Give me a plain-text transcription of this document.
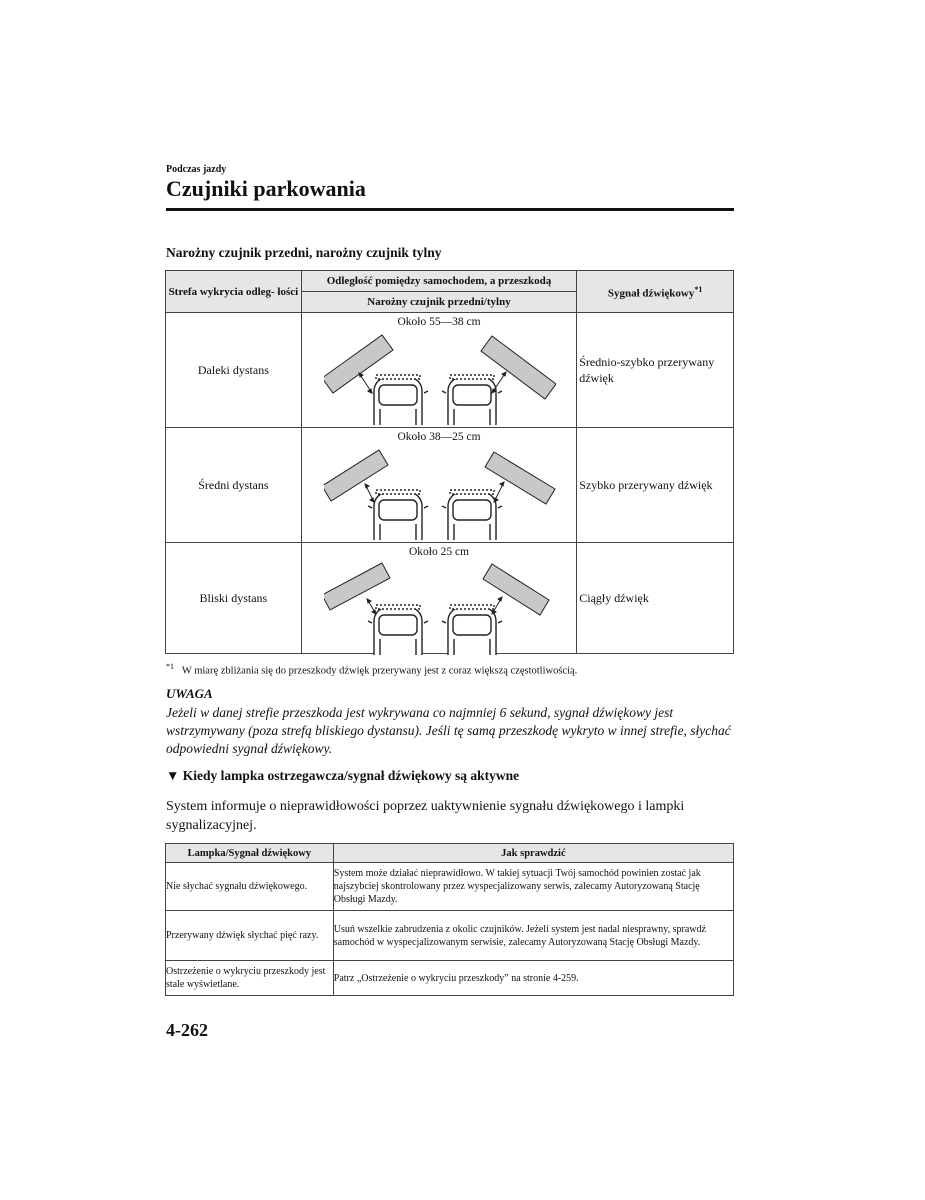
Podczas jazdy
Czujniki parkowania
Narożny czujnik przedni, narożny czujnik tylny
Strefa wykrycia odleg- łości	Odległość pomiędzy samochodem, a przeszkodą	Sygnał dźwiękowy$^{*1}$
	Narożny czujnik przedni/tylny	
Daleki dystans	Około 55—38 cm	Średnio-szybko przerywany dźwięk
Średni dystans	Około 38—25 cm	Szybko przerywany dźwięk
Bliski dystans	Około 25 cm	Ciągły dźwięk
$^{*1}$ W miarę zbliżania się do przeszkody dźwięk przerywany jest z coraz większą częstotliwością.
UWAGA
Jeżeli w danej strefie przeszkoda jest wykrywana co najmniej 6 sekund, sygnał dźwiękowy jest wstrzymywany (poza strefą bliskiego dystansu). Jeśli tę samą przeszkodę wykryto w innej strefie, słychać odpowiedni sygnał dźwiękowy.
▼ Kiedy lampka ostrzegawcza/sygnał dźwiękowy są aktywne
System informuje o nieprawidłowości poprzez uaktywnienie sygnału dźwiękowego i lampki sygnalizacyjnej.
Lampka/Sygnał dźwiękowy	Jak sprawdzić
Nie słychać sygnału dźwiękowego.	System może działać nieprawidłowo. W takiej sytuacji Twój samochód powinien zostać jak najszybciej skontrolowany przez wyspecjalizowany serwis, zalecamy Autoryzowaną Stację Obsługi Mazdy.
Przerywany dźwięk słychać pięć razy.	Usuń wszelkie zabrudzenia z okolic czujników. Jeżeli system jest nadal niesprawny, sprawdź samochód w wyspecjalizowanym serwisie, zalecamy Autoryzowaną Stację Obsługi Mazdy.
Ostrzeżenie o wykryciu przeszkody jest stale wyświetlane.	Patrz „Ostrzeżenie o wykryciu przeszkody” na stronie 4-259.
4-262
